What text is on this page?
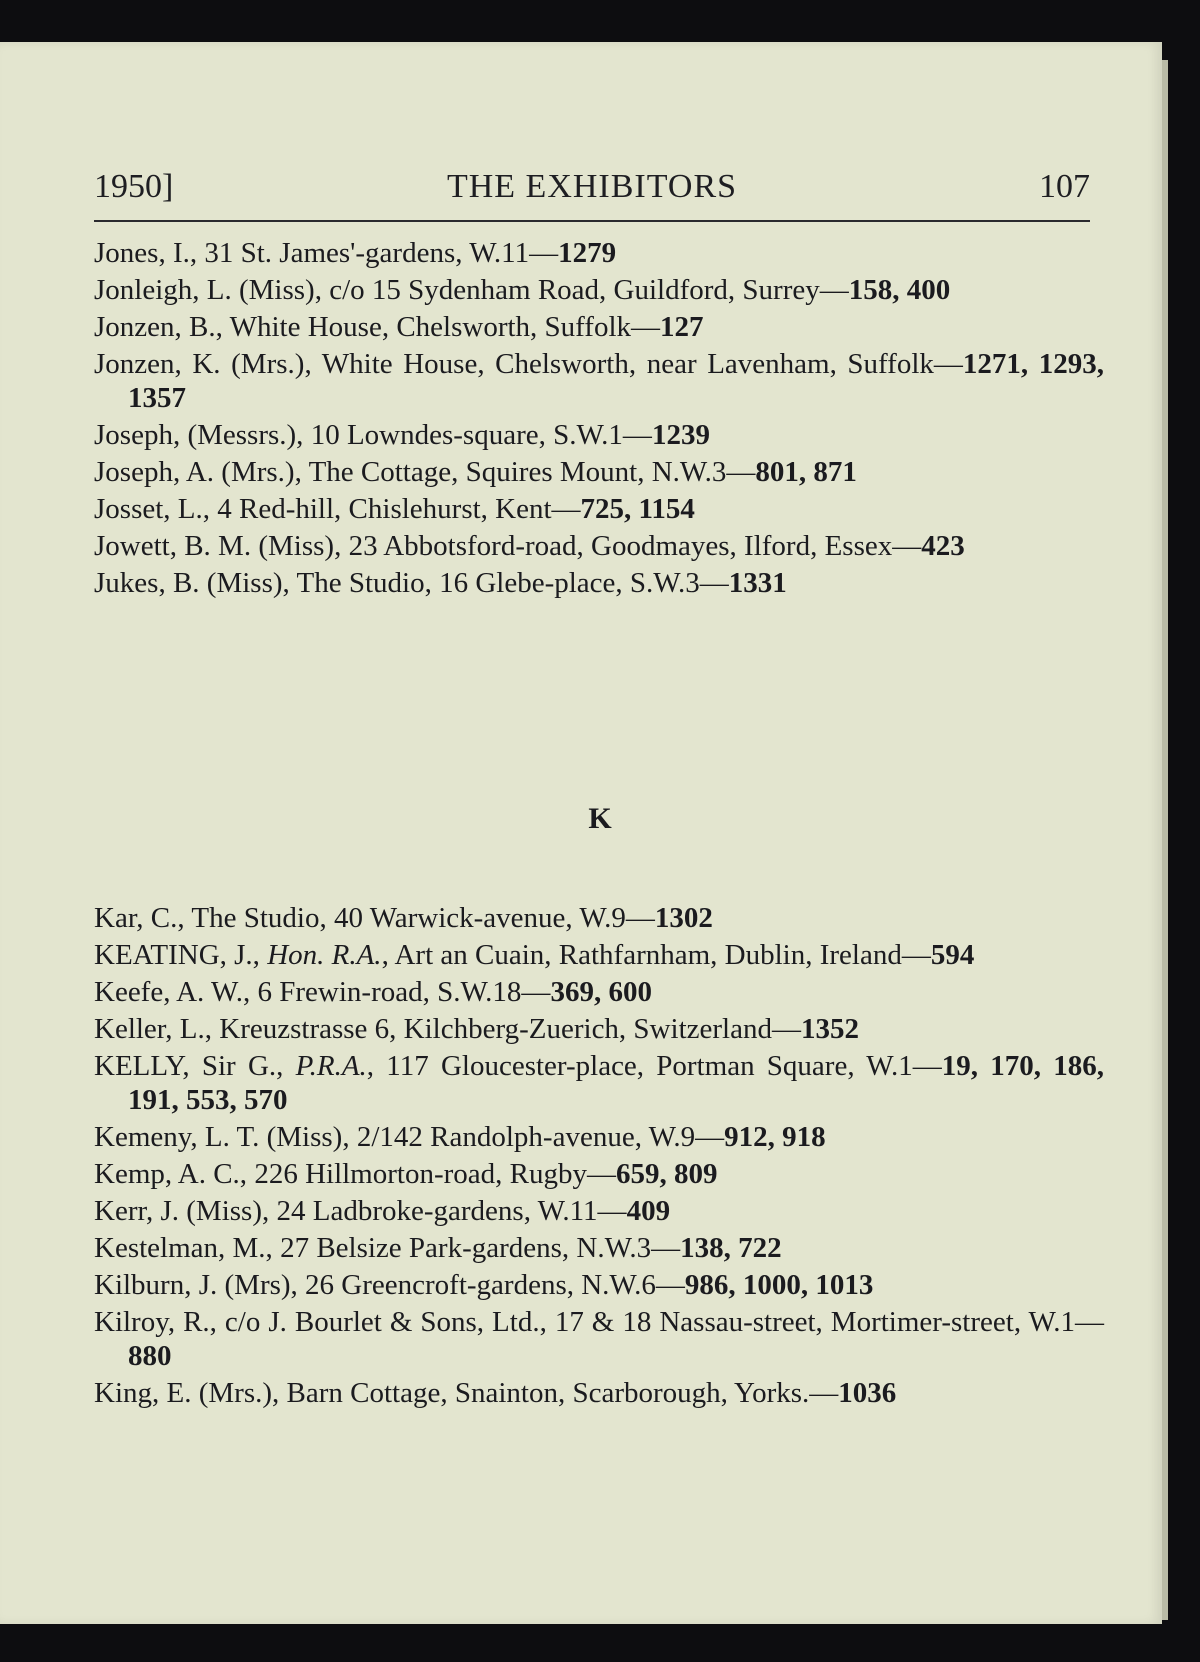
1950]	THE EXHIBITORS	107

Jones, I., 31 St. James'-gardens, W.11—1279

Jonleigh, L. (Miss), c/o 15 Sydenham Road, Guildford, Surrey—158, 400

Jonzen, B., White House, Chelsworth, Suffolk—127

Jonzen, K. (Mrs.), White House, Chelsworth, near Lavenham, Suffolk—1271, 1293, 1357

Joseph, (Messrs.), 10 Lowndes-square, S.W.1—1239

Joseph, A. (Mrs.), The Cottage, Squires Mount, N.W.3—801, 871

Josset, L., 4 Red-hill, Chislehurst, Kent—725, 1154

Jowett, B. M. (Miss), 23 Abbotsford-road, Goodmayes, Ilford, Essex—423

Jukes, B. (Miss), The Studio, 16 Glebe-place, S.W.3—1331

K

Kar, C., The Studio, 40 Warwick-avenue, W.9—1302

KEATING, J., Hon. R.A., Art an Cuain, Rathfarnham, Dublin, Ireland—594

Keefe, A. W., 6 Frewin-road, S.W.18—369, 600

Keller, L., Kreuzstrasse 6, Kilchberg-Zuerich, Switzerland—1352

KELLY, Sir G., P.R.A., 117 Gloucester-place, Portman Square, W.1—19, 170, 186, 191, 553, 570

Kemeny, L. T. (Miss), 2/142 Randolph-avenue, W.9—912, 918

Kemp, A. C., 226 Hillmorton-road, Rugby—659, 809

Kerr, J. (Miss), 24 Ladbroke-gardens, W.11—409

Kestelman, M., 27 Belsize Park-gardens, N.W.3—138, 722

Kilburn, J. (Mrs), 26 Greencroft-gardens, N.W.6—986, 1000, 1013

Kilroy, R., c/o J. Bourlet & Sons, Ltd., 17 & 18 Nassau-street, Mortimer-street, W.1—880

King, E. (Mrs.), Barn Cottage, Snainton, Scarborough, Yorks.—1036
